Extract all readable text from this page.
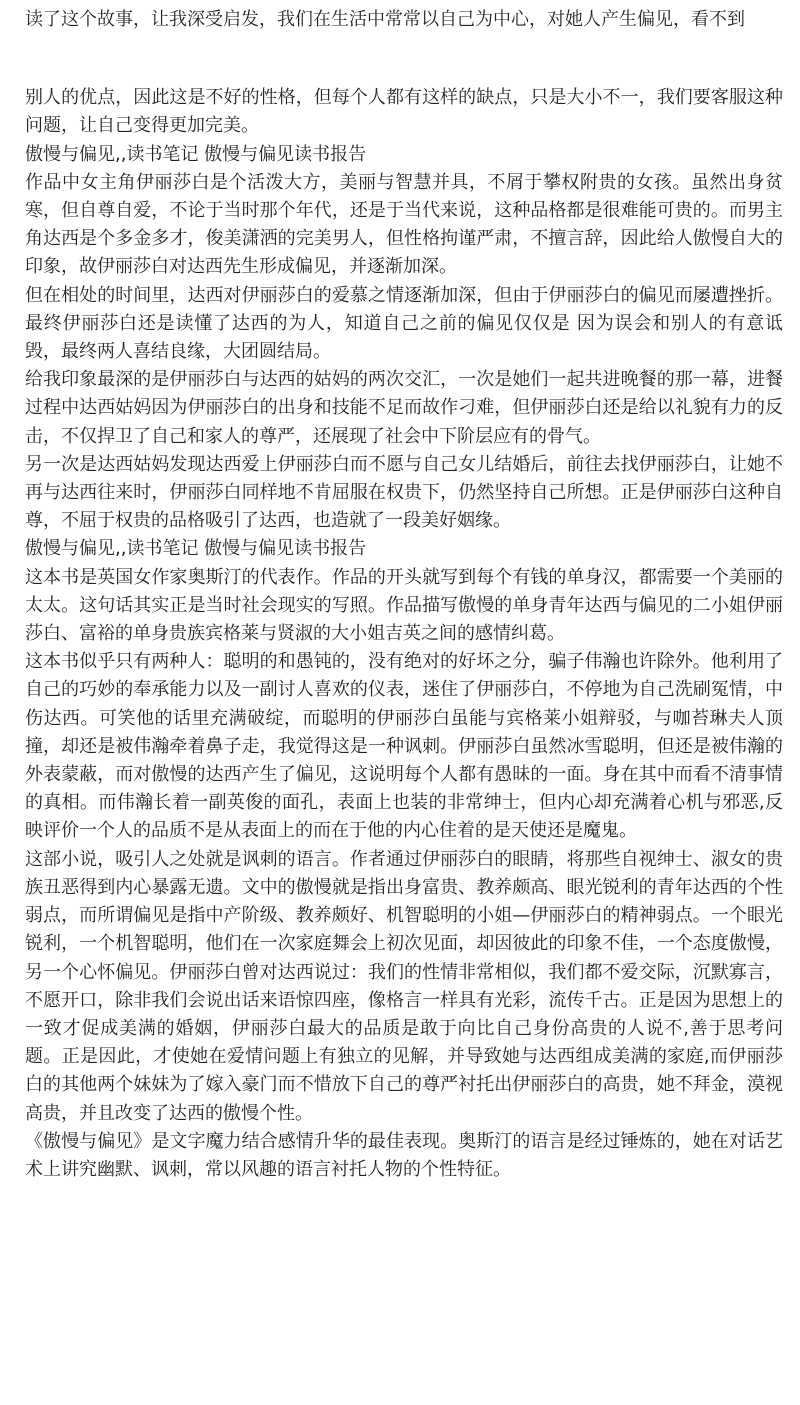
读了这个故事，让我深受启发，我们在生活中常常以自己为中心，对她人产生偏见，看不到

别人的优点，因此这是不好的性格，但每个人都有这样的缺点，只是大小不一，我们要客服这种问题，让自己变得更加完美。

傲慢与偏见,,读书笔记 傲慢与偏见读书报告

作品中女主角伊丽莎白是个活泼大方，美丽与智慧并具，不屑于攀权附贵的女孩。虽然出身贫寒，但自尊自爱，不论于当时那个年代，还是于当代来说，这种品格都是很难能可贵的。而男主角达西是个多金多才，俊美潇洒的完美男人，但性格拘谨严肃，不擅言辞，因此给人傲慢自大的印象，故伊丽莎白对达西先生形成偏见，并逐渐加深。

但在相处的时间里，达西对伊丽莎白的爱慕之情逐渐加深，但由于伊丽莎白的偏见而屡遭挫折。最终伊丽莎白还是读懂了达西的为人，知道自己之前的偏见仅仅是 因为误会和别人的有意诋毁，最终两人喜结良缘，大团圆结局。

给我印象最深的是伊丽莎白与达西的姑妈的两次交汇，一次是她们一起共进晚餐的那一幕，进餐过程中达西姑妈因为伊丽莎白的出身和技能不足而故作刁难，但伊丽莎白还是给以礼貌有力的反击，不仅捍卫了自己和家人的尊严，还展现了社会中下阶层应有的骨气。

另一次是达西姑妈发现达西爱上伊丽莎白而不愿与自己女儿结婚后，前往去找伊丽莎白，让她不再与达西往来时，伊丽莎白同样地不肯屈服在权贵下，仍然坚持自己所想。正是伊丽莎白这种自尊，不屈于权贵的品格吸引了达西，也造就了一段美好姻缘。

傲慢与偏见,,读书笔记 傲慢与偏见读书报告

这本书是英国女作家奥斯汀的代表作。作品的开头就写到每个有钱的单身汉，都需要一个美丽的太太。这句话其实正是当时社会现实的写照。作品描写傲慢的单身青年达西与偏见的二小姐伊丽莎白、富裕的单身贵族宾格莱与贤淑的大小姐吉英之间的感情纠葛。

这本书似乎只有两种人：聪明的和愚钝的，没有绝对的好坏之分，骗子伟瀚也许除外。他利用了自己的巧妙的奉承能力以及一副讨人喜欢的仪表，迷住了伊丽莎白，不停地为自己洗刷冤情，中伤达西。可笑他的话里充满破绽，而聪明的伊丽莎白虽能与宾格莱小姐辩驳，与咖苔琳夫人顶撞，却还是被伟瀚牵着鼻子走，我觉得这是一种讽刺。伊丽莎白虽然冰雪聪明，但还是被伟瀚的外表蒙蔽，而对傲慢的达西产生了偏见，这说明每个人都有愚昧的一面。身在其中而看不清事情的真相。而伟瀚长着一副英俊的面孔，表面上也装的非常绅士，但内心却充满着心机与邪恶,反映评价一个人的品质不是从表面上的而在于他的内心住着的是天使还是魔鬼。

这部小说，吸引人之处就是讽刺的语言。作者通过伊丽莎白的眼睛，将那些自视绅士、淑女的贵族丑恶得到内心暴露无遗。文中的傲慢就是指出身富贵、教养颇高、眼光锐利的青年达西的个性弱点，而所谓偏见是指中产阶级、教养颇好、机智聪明的小姐—伊丽莎白的精神弱点。一个眼光锐利，一个机智聪明，他们在一次家庭舞会上初次见面，却因彼此的印象不佳，一个态度傲慢，另一个心怀偏见。伊丽莎白曾对达西说过：我们的性情非常相似，我们都不爱交际，沉默寡言，不愿开口，除非我们会说出话来语惊四座，像格言一样具有光彩，流传千古。正是因为思想上的一致才促成美满的婚姻，伊丽莎白最大的品质是敢于向比自己身份高贵的人说不,善于思考问题。正是因此，才使她在爱情问题上有独立的见解，并导致她与达西组成美满的家庭,而伊丽莎白的其他两个妹妹为了嫁入豪门而不惜放下自己的尊严衬托出伊丽莎白的高贵，她不拜金，漠视高贵，并且改变了达西的傲慢个性。

《傲慢与偏见》是文字魔力结合感情升华的最佳表现。奥斯汀的语言是经过锤炼的，她在对话艺术上讲究幽默、讽刺，常以风趣的语言衬托人物的个性特征。
